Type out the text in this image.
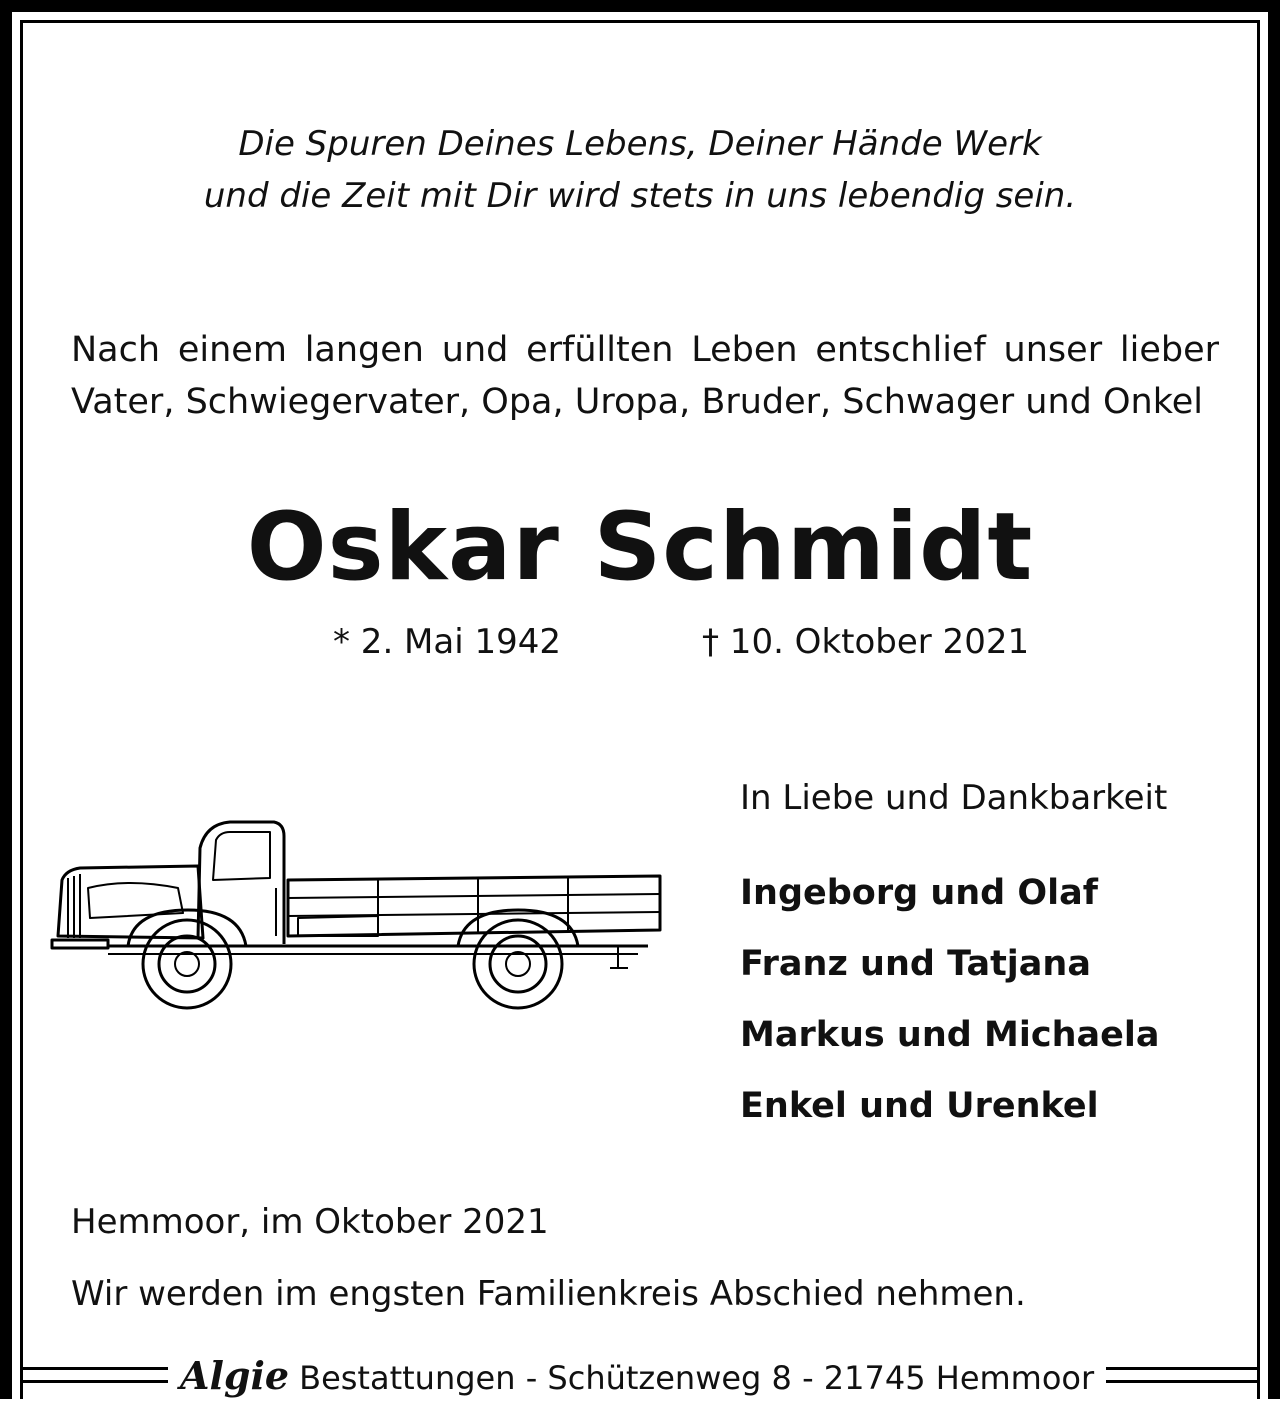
Die Spuren Deines Lebens, Deiner Hände Werk
und die Zeit mit Dir wird stets in uns lebendig sein.
Nach einem langen und erfüllten Leben entschlief unser lieber Vater, Schwiegervater, Opa, Uropa, Bruder, Schwager und Onkel
Oskar Schmidt
* 2. Mai 1942	† 10. Oktober 2021
In Liebe und Dankbarkeit
Ingeborg und Olaf
Franz und Tatjana
Markus und Michaela
Enkel und Urenkel
Hemmoor, im Oktober 2021
Wir werden im engsten Familienkreis Abschied nehmen.
Algie Bestattungen - Schützenweg 8 - 21745 Hemmoor
